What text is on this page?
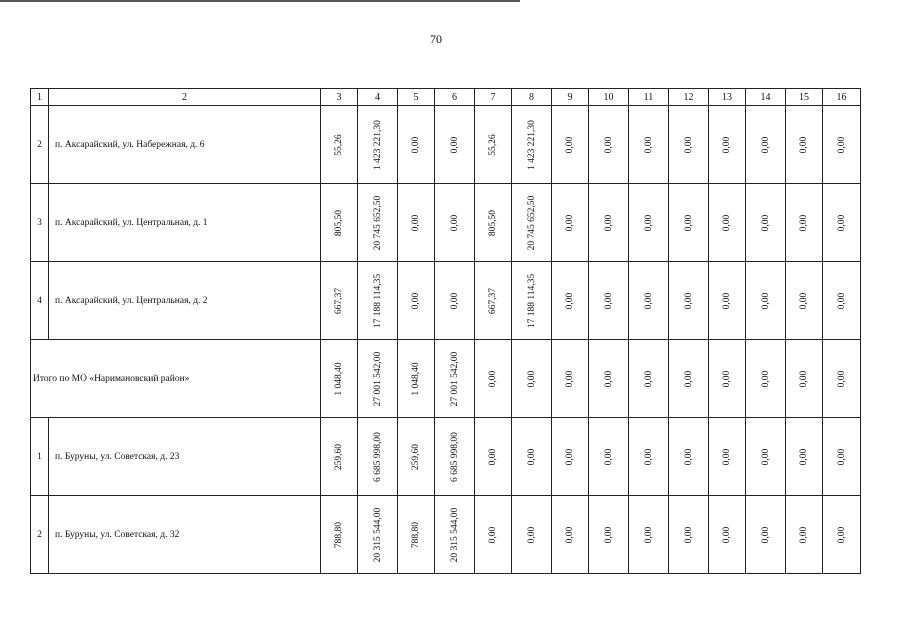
70
1	2	3	4	5	6	7	8	9	10	11	12	13	14	15	16
2	п. Аксарайский, ул. Набережная, д. 6	55,26	1 423 221,30	0,00	0,00	55,26	1 423 221,30	0,00	0,00	0,00	0,00	0,00	0,00	0,00	0,00

3	п. Аксарайский, ул. Центральная, д. 1	805,50	20 745 652,50	0,00	0,00	805,50	20 745 652,50	0,00	0,00	0,00	0,00	0,00	0,00	0,00	0,00

4	п. Аксарайский, ул. Центральная, д. 2	667,37	17 188 114,35	0,00	0,00	667,37	17 188 114,35	0,00	0,00	0,00	0,00	0,00	0,00	0,00	0,00

Итого по МО «Наримановский район»		1 048,40	27 001 542,00	1 048,40	27 001 542,00	0,00	0,00	0,00	0,00	0,00	0,00	0,00	0,00	0,00	0,00

1	п. Буруны, ул. Советская, д. 23	259,60	6 685 998,00	259,60	6 685 998,00	0,00	0,00	0,00	0,00	0,00	0,00	0,00	0,00	0,00	0,00

2	п. Буруны, ул. Советская, д. 32	788,80	20 315 544,00	788,80	20 315 544,00	0,00	0,00	0,00	0,00	0,00	0,00	0,00	0,00	0,00	0,00
